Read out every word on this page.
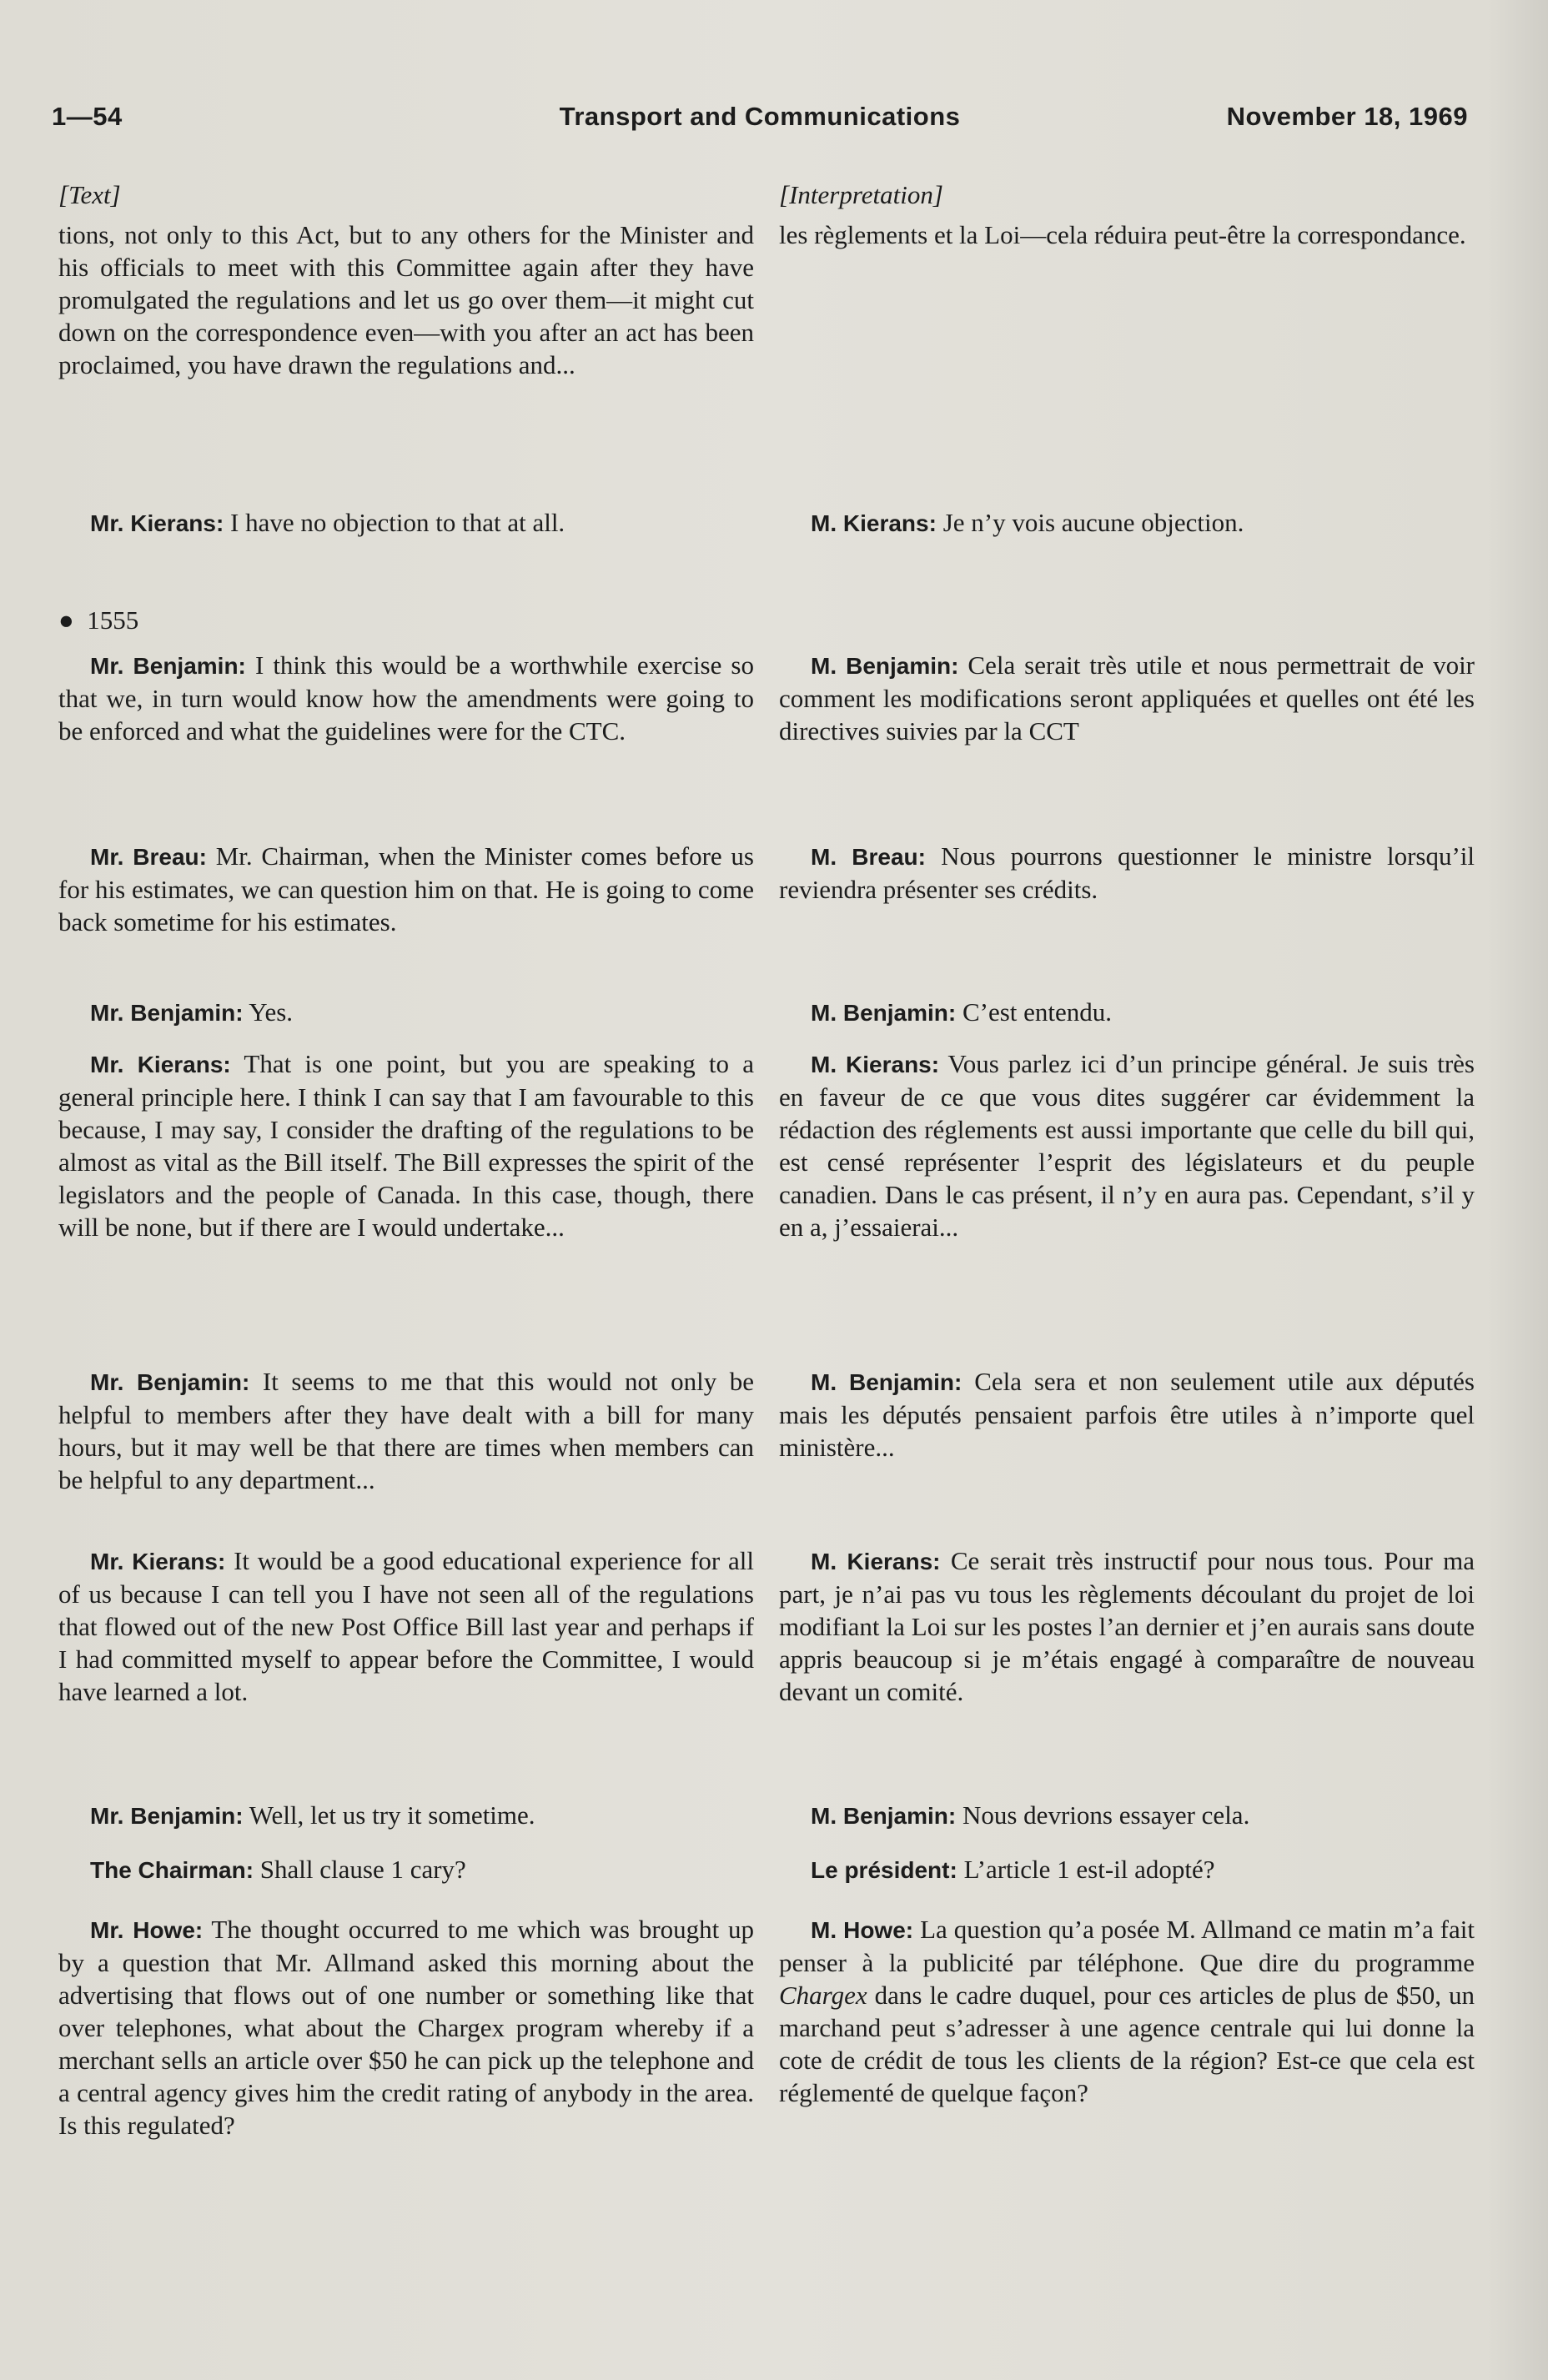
1—54	Transport and Communications	November 18, 1969
[Text]
tions, not only to this Act, but to any others for the Minister and his officials to meet with this Committee again after they have promulgated the regulations and let us go over them—it might cut down on the correspondence even—with you after an act has been proclaimed, you have drawn the regulations and...
Mr. Kierans: I have no objection to that at all.
●  1555
Mr. Benjamin: I think this would be a worthwhile exercise so that we, in turn would know how the amendments were going to be enforced and what the guidelines were for the CTC.
Mr. Breau: Mr. Chairman, when the Minister comes before us for his estimates, we can question him on that. He is going to come back sometime for his estimates.
Mr. Benjamin: Yes.
Mr. Kierans: That is one point, but you are speaking to a general principle here. I think I can say that I am favourable to this because, I may say, I consider the drafting of the regulations to be almost as vital as the Bill itself. The Bill expresses the spirit of the legislators and the people of Canada. In this case, though, there will be none, but if there are I would undertake...
Mr. Benjamin: It seems to me that this would not only be helpful to members after they have dealt with a bill for many hours, but it may well be that there are times when members can be helpful to any department...
Mr. Kierans: It would be a good educational experience for all of us because I can tell you I have not seen all of the regulations that flowed out of the new Post Office Bill last year and perhaps if I had committed myself to appear before the Committee, I would have learned a lot.
Mr. Benjamin: Well, let us try it sometime.
The Chairman: Shall clause 1 cary?
Mr. Howe: The thought occurred to me which was brought up by a question that Mr. Allmand asked this morning about the advertising that flows out of one number or something like that over telephones, what about the Chargex program whereby if a merchant sells an article over $50 he can pick up the telephone and a central agency gives him the credit rating of anybody in the area. Is this regulated?
[Interpretation]
les règlements et la Loi—cela réduira peut-être la correspondance.
M. Kierans: Je n’y vois aucune objection.
M. Benjamin: Cela serait très utile et nous permettrait de voir comment les modifications seront appliquées et quelles ont été les directives suivies par la CCT
M. Breau: Nous pourrons questionner le ministre lorsqu’il reviendra présenter ses crédits.
M. Benjamin: C’est entendu.
M. Kierans: Vous parlez ici d’un principe général. Je suis très en faveur de ce que vous dites suggérer car évidemment la rédaction des réglements est aussi importante que celle du bill qui, est censé représenter l’esprit des législateurs et du peuple canadien. Dans le cas présent, il n’y en aura pas. Cependant, s’il y en a, j’essaierai...
M. Benjamin: Cela sera et non seulement utile aux députés mais les députés pensaient parfois être utiles à n’importe quel ministère...
M. Kierans: Ce serait très instructif pour nous tous. Pour ma part, je n’ai pas vu tous les règlements découlant du projet de loi modifiant la Loi sur les postes l’an dernier et j’en aurais sans doute appris beaucoup si je m’étais engagé à comparaître de nouveau devant un comité.
M. Benjamin: Nous devrions essayer cela.
Le président: L’article 1 est-il adopté?
M. Howe: La question qu’a posée M. Allmand ce matin m’a fait penser à la publicité par téléphone. Que dire du programme Chargex dans le cadre duquel, pour ces articles de plus de $50, un marchand peut s’adresser à une agence centrale qui lui donne la cote de crédit de tous les clients de la région? Est-ce que cela est réglementé de quelque façon?
